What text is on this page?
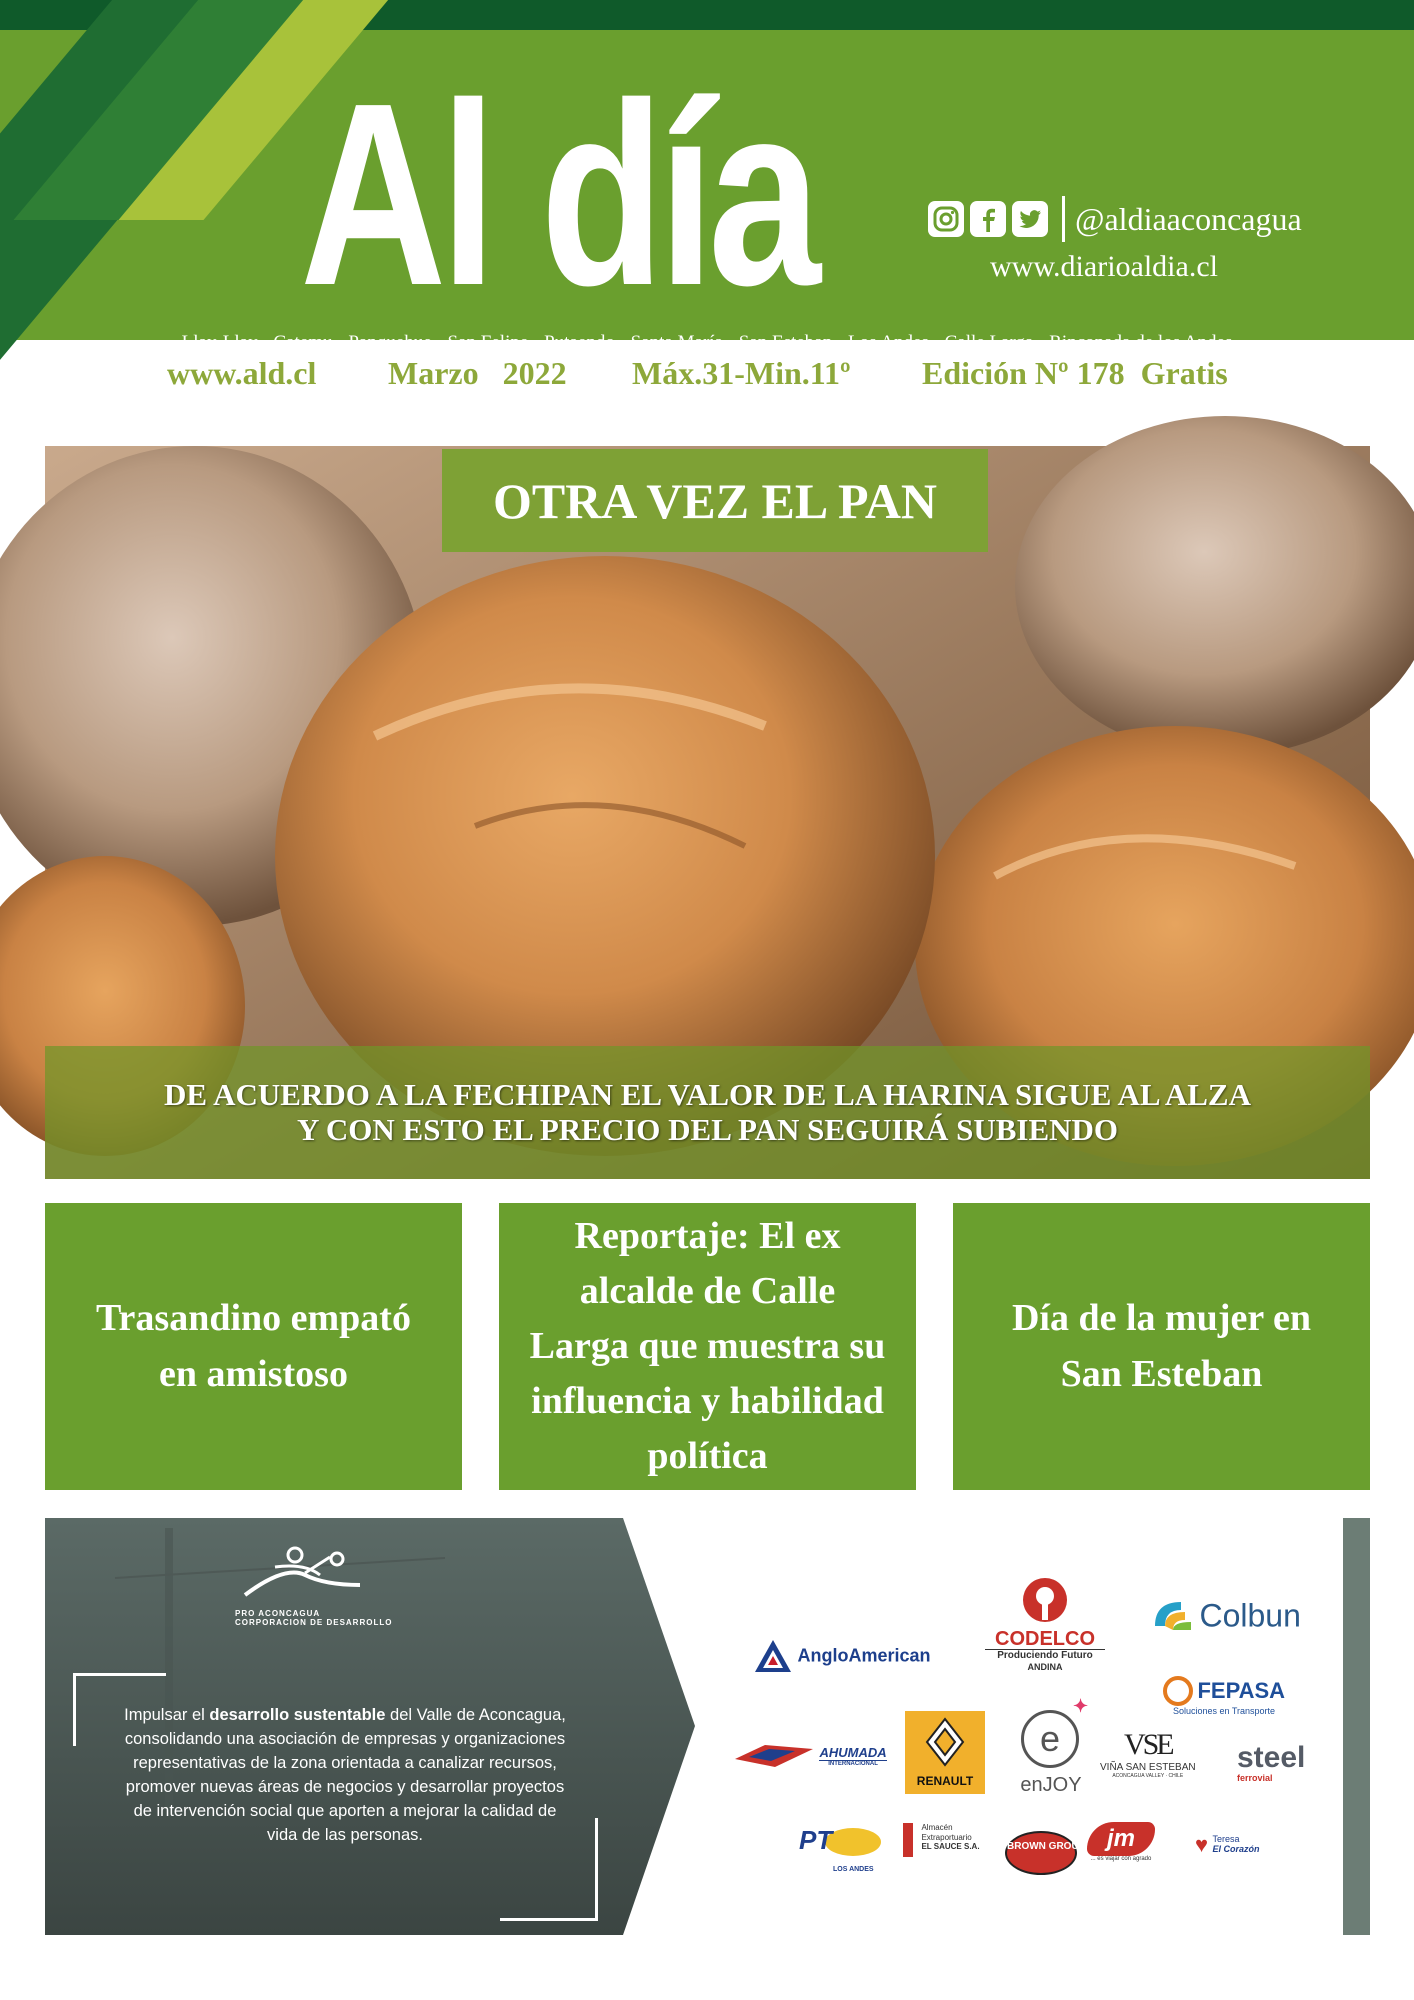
Al día	@aldiaaconcagua
www.diarioaldia.cl
·Llay-Llay · Catemu · Panquehue · San Felipe · Putaendo · Santa María · San Esteban · Los Andes · Calle Larga · Rinconada de los Andes·
www.ald.cl Marzo   2022 Máx.31-Min.11º Edición Nº 178  Gratis
OTRA VEZ EL PAN
DE ACUERDO A LA FECHIPAN EL VALOR DE LA HARINA SIGUE AL ALZA
Y CON ESTO EL PRECIO DEL PAN SEGUIRÁ SUBIENDO
Trasandino empató en amistoso
Reportaje: El ex alcalde de Calle Larga que muestra su influencia y habilidad política
Día de la mujer en San Esteban
PRO ACONCAGUA
CORPORACION DE DESARROLLO
Impulsar el desarrollo sustentable del Valle de Aconcagua, consolidando una asociación de empresas y organizaciones representativas de la zona orientada a canalizar recursos, promover nuevas áreas de negocios y desarrollar proyectos de intervención social que aporten a mejorar la calidad de vida de las personas.
AngloAmerican
CODELCO
Produciendo Futuro
ANDINA
Colbun
FEPASA
Soluciones en Transporte

AHUMADA
INTERNACIONAL
RENAULT
e
✦
enJOY
VSE
VIÑA SAN ESTEBAN
ACONCAGUA VALLEY · CHILE
steel
ferrovial
PT
LOS ANDES

Almacén
Extraportuario
EL SAUCE S.A.	BROWN GROUP jm
... es viajar con agrado
♥ Teresa
El Corazón
